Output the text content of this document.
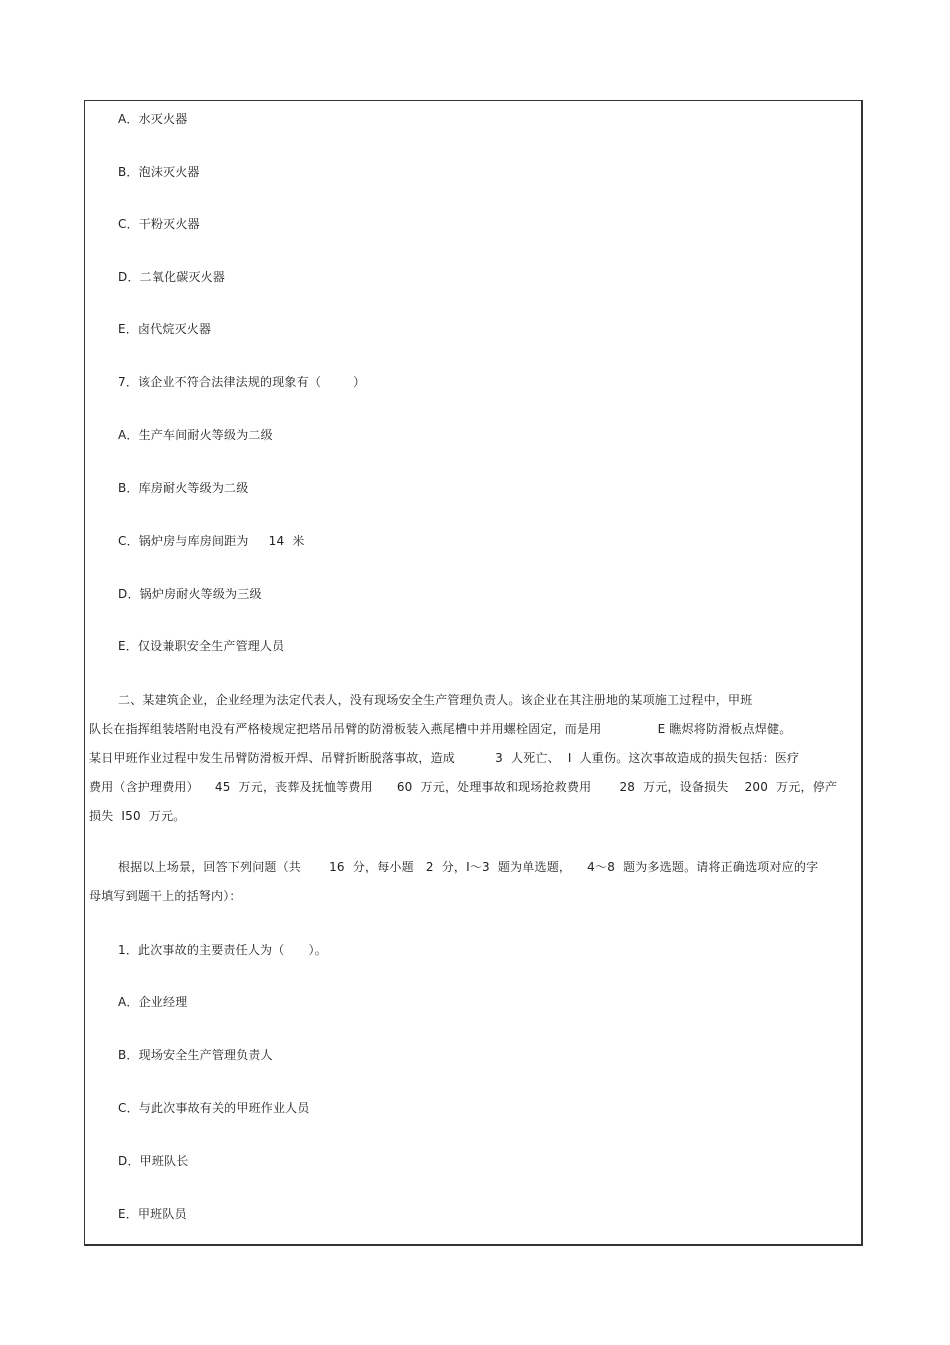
A．水灭火器
B．泡沫灭火器
C．干粉灭火器
D．二氧化碳灭火器
E．卤代烷灭火器
7．该企业不符合法律法规的现象有（        ）
A．生产车间耐火等级为二级
B．库房耐火等级为二级
C．锅炉房与库房间距为     14  米
D．锅炉房耐火等级为三级
E．仅设兼职安全生产管理人员
二、某建筑企业，企业经理为法定代表人，没有现场安全生产管理负责人。该企业在其注册地的某项施工过程中，甲班
队长在指挥组装塔附电没有严格棱规定把塔吊吊臂的防滑板装入燕尾槽中并用螺栓固定，而是用              E 瞧烬将防滑板点焊健。
某日甲班作业过程中发生吊臂防滑板开焊、吊臂折断脱落事故，造成          3  人死亡、  I  人重伤。这次事故造成的损失包括：医疗
费用（含护理费用）    45  万元，丧葬及抚恤等费用      60  万元，处理事故和现场抢救费用       28  万元，设备损失    200  万元，停产
损失  I50  万元。
根据以上场景，回答下列问题（共       16  分，每小题   2  分，I～3  题为单选题，    4～8  题为多选题。请将正确选项对应的字
母填写到题干上的括弩内）：
1．此次事故的主要责任人为（      ）。
A．企业经理
B．现场安全生产管理负责人
C．与此次事故有关的甲班作业人员
D．甲班队长
E．甲班队员
